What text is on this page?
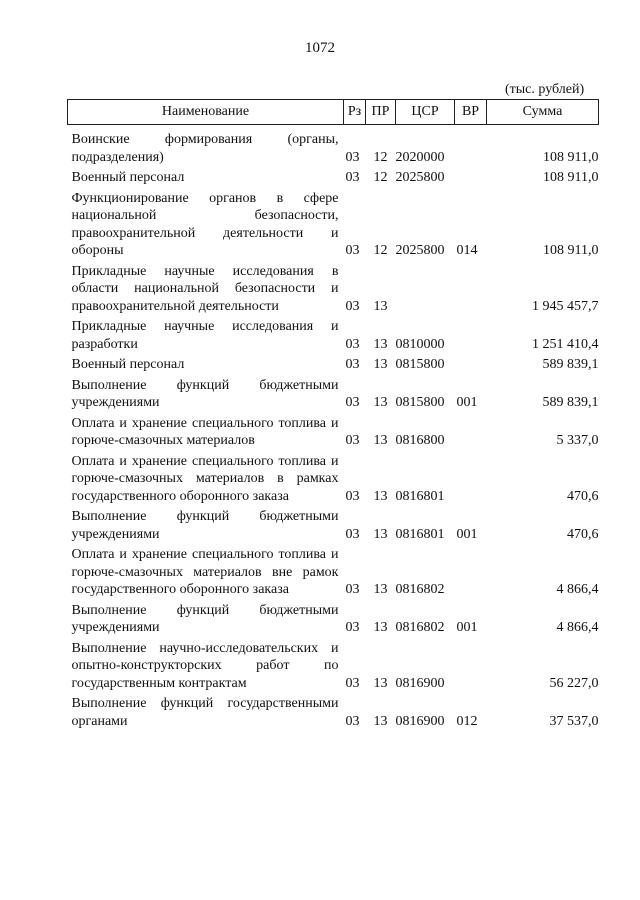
1072
(тыс. рублей)
Наименование	Рз	ПР	ЦСР	ВР	Сумма
Воинские формирования (органы, подразделения)	03	12	2020000		108 911,0
Военный персонал	03	12	2025800		108 911,0
Функционирование органов в сфере национальной безопасности, правоохранительной деятельности и обороны	03	12	2025800	014	108 911,0
Прикладные научные исследования в области национальной безопасности и правоохранительной деятельности	03	13			1 945 457,7
Прикладные научные исследования и разработки	03	13	0810000		1 251 410,4
Военный персонал	03	13	0815800		589 839,1
Выполнение функций бюджетными учреждениями	03	13	0815800	001	589 839,1
Оплата и хранение специального топлива и горюче-смазочных материалов	03	13	0816800		5 337,0
Оплата и хранение специального топлива и горюче-смазочных материалов в рамках государственного оборонного заказа	03	13	0816801		470,6
Выполнение функций бюджетными учреждениями	03	13	0816801	001	470,6
Оплата и хранение специального топлива и горюче-смазочных материалов вне рамок государственного оборонного заказа	03	13	0816802		4 866,4
Выполнение функций бюджетными учреждениями	03	13	0816802	001	4 866,4
Выполнение научно-исследовательских и опытно-конструкторских работ по государственным контрактам	03	13	0816900		56 227,0
Выполнение функций государственными органами	03	13	0816900	012	37 537,0
